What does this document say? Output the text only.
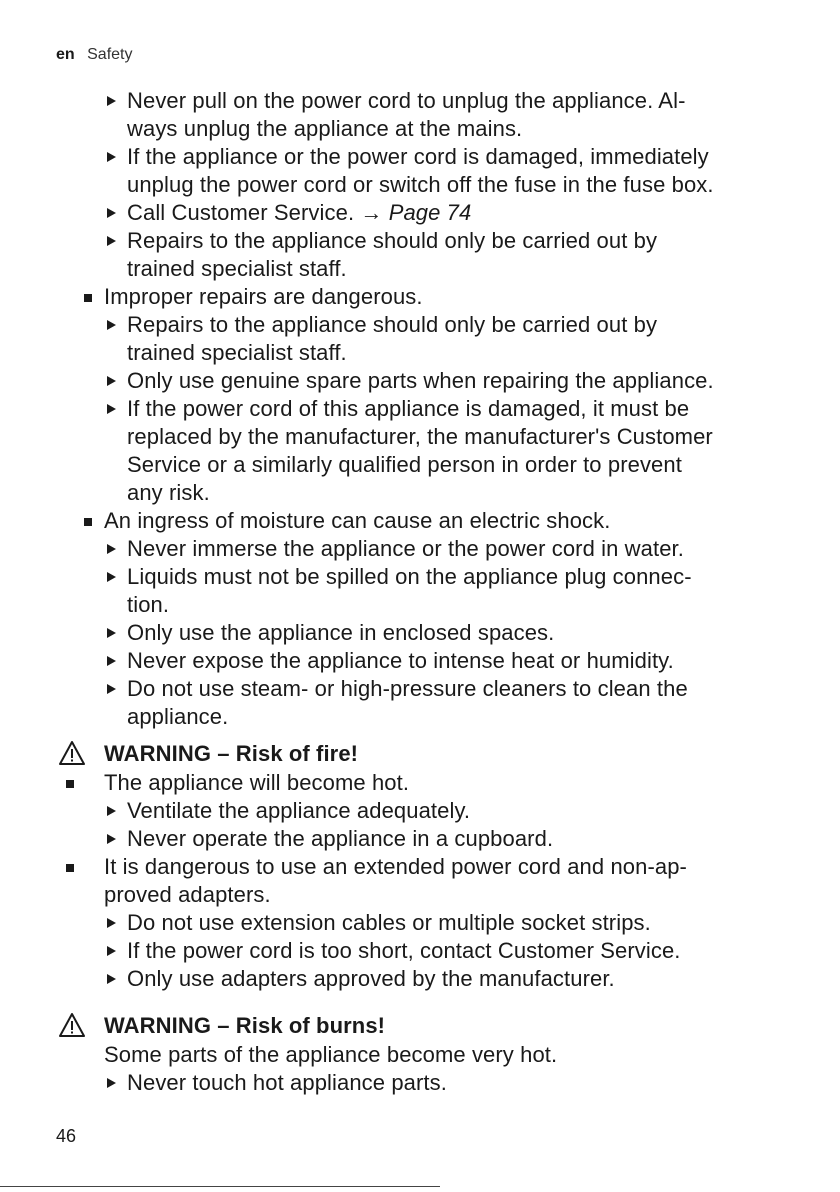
en Safety
Never pull on the power cord to unplug the appliance. Al-
ways unplug the appliance at the mains.
If the appliance or the power cord is damaged, immediately
unplug the power cord or switch off the fuse in the fuse box.
Call Customer Service. → Page 74
Repairs to the appliance should only be carried out by
trained specialist staff.
Improper repairs are dangerous.
Repairs to the appliance should only be carried out by
trained specialist staff.
Only use genuine spare parts when repairing the appliance.
If the power cord of this appliance is damaged, it must be
replaced by the manufacturer, the manufacturer's Customer
Service or a similarly qualified person in order to prevent
any risk.
An ingress of moisture can cause an electric shock.
Never immerse the appliance or the power cord in water.
Liquids must not be spilled on the appliance plug connec-
tion.
Only use the appliance in enclosed spaces.
Never expose the appliance to intense heat or humidity.
Do not use steam- or high-pressure cleaners to clean the
appliance.
WARNING – Risk of fire!
The appliance will become hot.
Ventilate the appliance adequately.
Never operate the appliance in a cupboard.
It is dangerous to use an extended power cord and non-ap-
proved adapters.
Do not use extension cables or multiple socket strips.
If the power cord is too short, contact Customer Service.
Only use adapters approved by the manufacturer.
WARNING – Risk of burns!
Some parts of the appliance become very hot.
Never touch hot appliance parts.
46
